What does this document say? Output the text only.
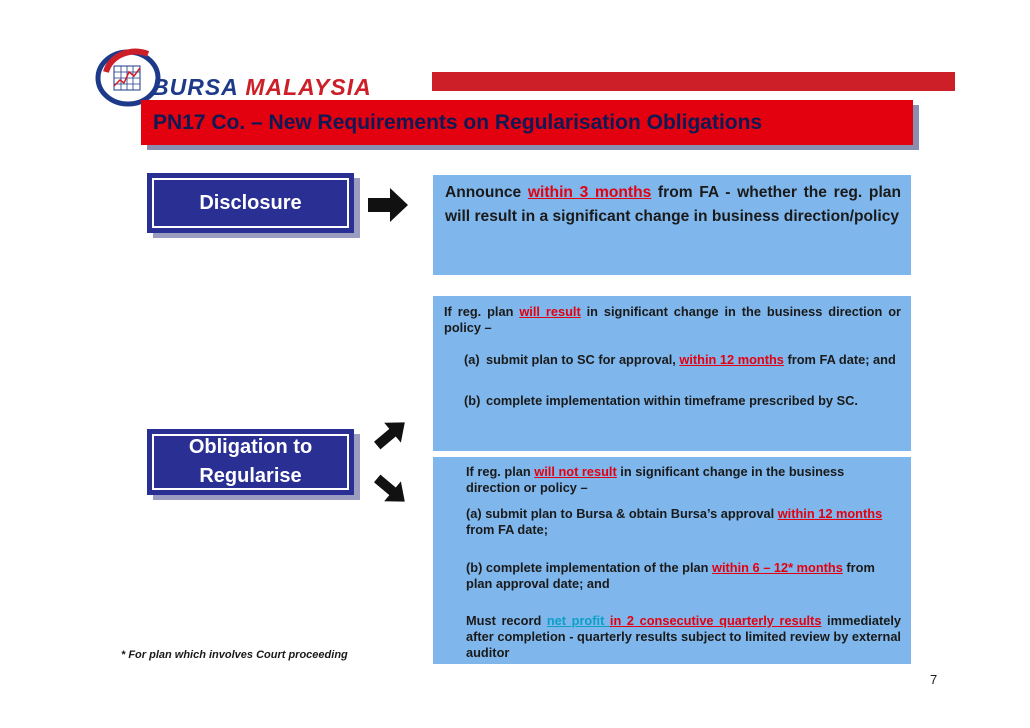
BURSA MALAYSIA
PN17 Co. – New Requirements on Regularisation Obligations
Disclosure
Obligation to
Regularise
Announce within 3 months from FA - whether the reg. plan will result in a significant change in business direction/policy
If reg. plan will result in significant change in the business direction or policy –
(a) submit plan to SC for approval, within 12 months from FA date; and
(b) complete implementation within timeframe prescribed by SC.
If reg. plan will not result in significant change in the business direction or policy –
(a) submit plan to Bursa & obtain Bursa’s approval within 12 months from FA date;
(b) complete implementation of the plan within 6 – 12* months from plan approval date; and
Must record net profit in 2 consecutive quarterly results immediately after completion - quarterly results subject to limited review by external auditor
* For plan which involves Court proceeding
7
